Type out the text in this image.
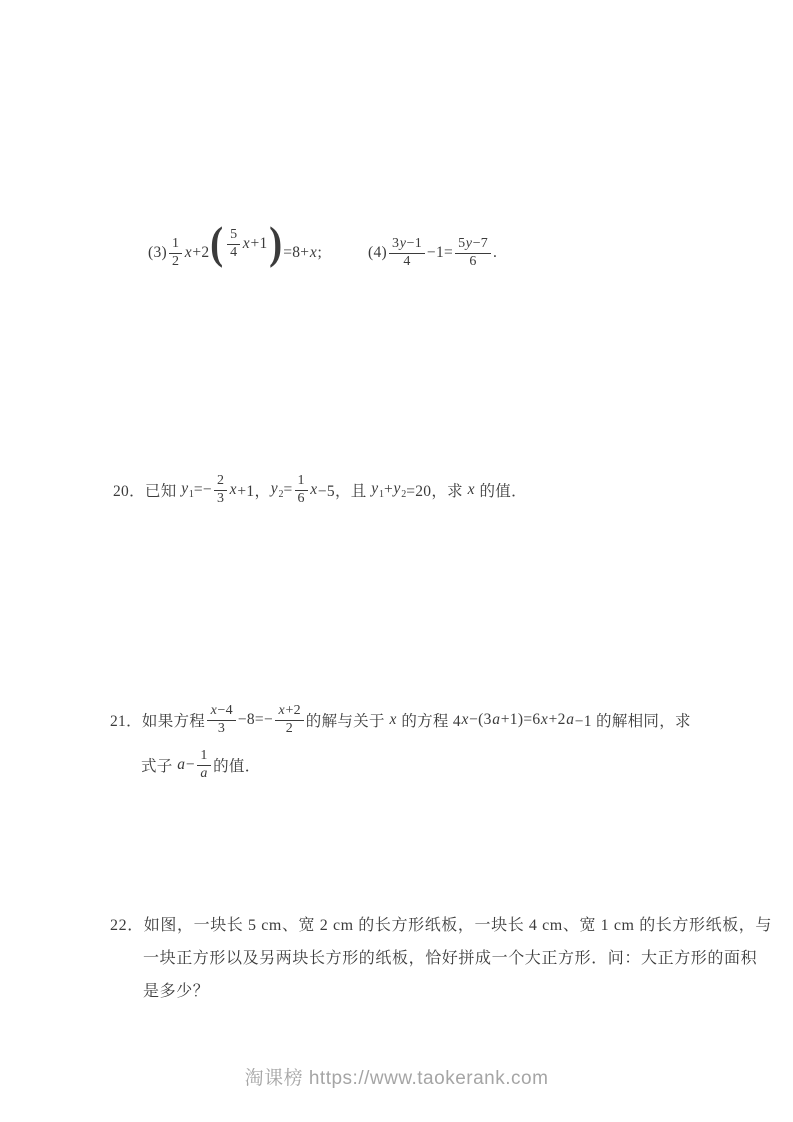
$(3) \frac{1}{2}$ x +2 ( $\frac{5}{4}$ x +1 ) =8+ x ;	$(4) \frac{3y-1}{4} -1= \frac{5y-7}{6}$ .
20．已知 $y_1 =- \frac{2}{3}$ x +1， $y_2 = \frac{1}{6}$ x −5，且 $y_1 + y_2 =20$，求 x 的值．
21．如果方程 $\frac{x-4}{3} -8=- \frac{x+2}{2}$ 的解与关于 x 的方程 4 x −(3 a +1)=6 x +2 a −1 的解相同，求
式子 $a - \frac{1}{a}$ 的值．
22．如图，一块长 5 cm、宽 2 cm 的长方形纸板，一块长 4 cm、宽 1 cm 的长方形纸板，与
一块正方形以及另两块长方形的纸板，恰好拼成一个大正方形．问：大正方形的面积
是多少？
淘课榜 https://www.taokerank.com
